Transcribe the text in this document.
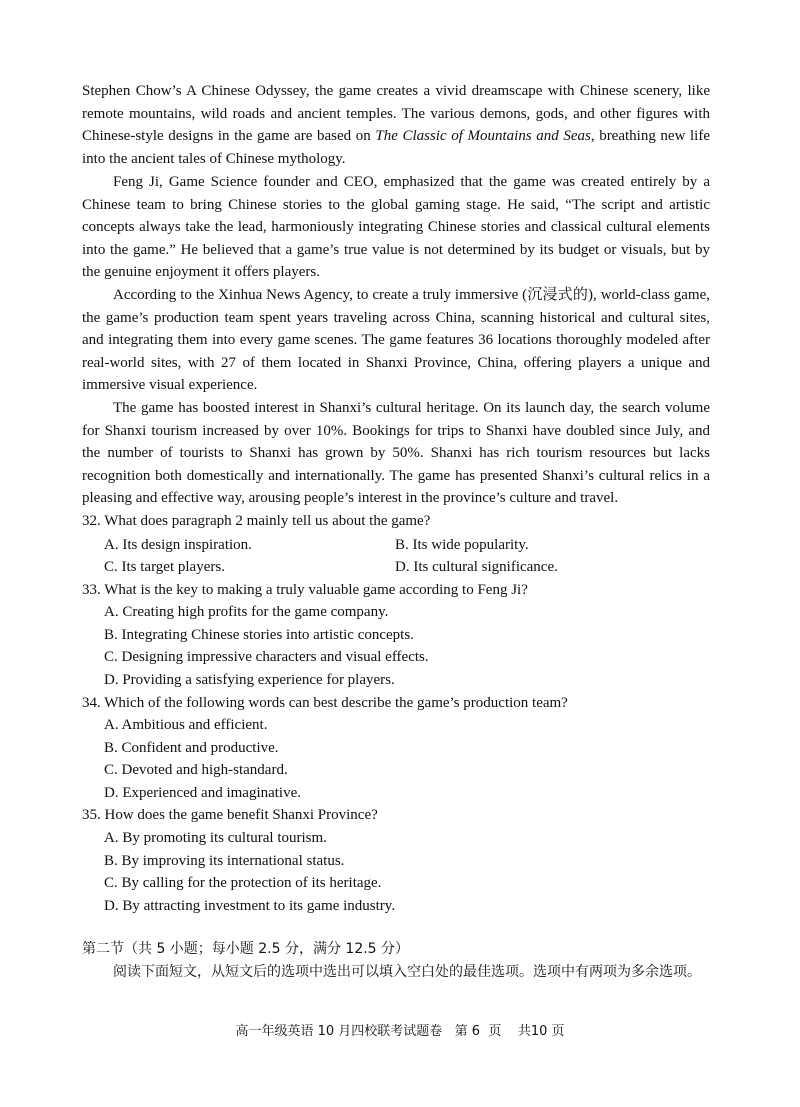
Stephen Chow’s A Chinese Odyssey, the game creates a vivid dreamscape with Chinese scenery, like remote mountains, wild roads and ancient temples. The various demons, gods, and other figures with Chinese-style designs in the game are based on The Classic of Mountains and Seas, breathing new life into the ancient tales of Chinese mythology.

Feng Ji, Game Science founder and CEO, emphasized that the game was created entirely by a Chinese team to bring Chinese stories to the global gaming stage. He said, “The script and artistic concepts always take the lead, harmoniously integrating Chinese stories and classical cultural elements into the game.” He believed that a game’s true value is not determined by its budget or visuals, but by the genuine enjoyment it offers players.

According to the Xinhua News Agency, to create a truly immersive (沉浸式的), world-class game, the game’s production team spent years traveling across China, scanning historical and cultural sites, and integrating them into every game scenes. The game features 36 locations thoroughly modeled after real-world sites, with 27 of them located in Shanxi Province, China, offering players a unique and immersive visual experience.

The game has boosted interest in Shanxi’s cultural heritage. On its launch day, the search volume for Shanxi tourism increased by over 10%. Bookings for trips to Shanxi have doubled since July, and the number of tourists to Shanxi has grown by 50%. Shanxi has rich tourism resources but lacks recognition both domestically and internationally. The game has presented Shanxi’s cultural relics in a pleasing and effective way, arousing people’s interest in the province’s culture and travel.

32. What does paragraph 2 mainly tell us about the game?
A. Its design inspiration.	B. Its wide popularity.
C. Its target players.	D. Its cultural significance.
33. What is the key to making a truly valuable game according to Feng Ji?
A. Creating high profits for the game company.
B. Integrating Chinese stories into artistic concepts.
C. Designing impressive characters and visual effects.
D. Providing a satisfying experience for players.
34. Which of the following words can best describe the game’s production team?
A. Ambitious and efficient.
B. Confident and productive.
C. Devoted and high-standard.
D. Experienced and imaginative.
35. How does the game benefit Shanxi Province?
A. By promoting its cultural tourism.
B. By improving its international status.
C. By calling for the protection of its heritage.
D. By attracting investment to its game industry.
第二节（共 5 小题；每小题 2.5 分，满分 12.5 分）

阅读下面短文，从短文后的选项中选出可以填入空白处的最佳选项。选项中有两项为多余选项。

高一年级英语 10 月四校联考试题卷   第 6  页    共10 页
